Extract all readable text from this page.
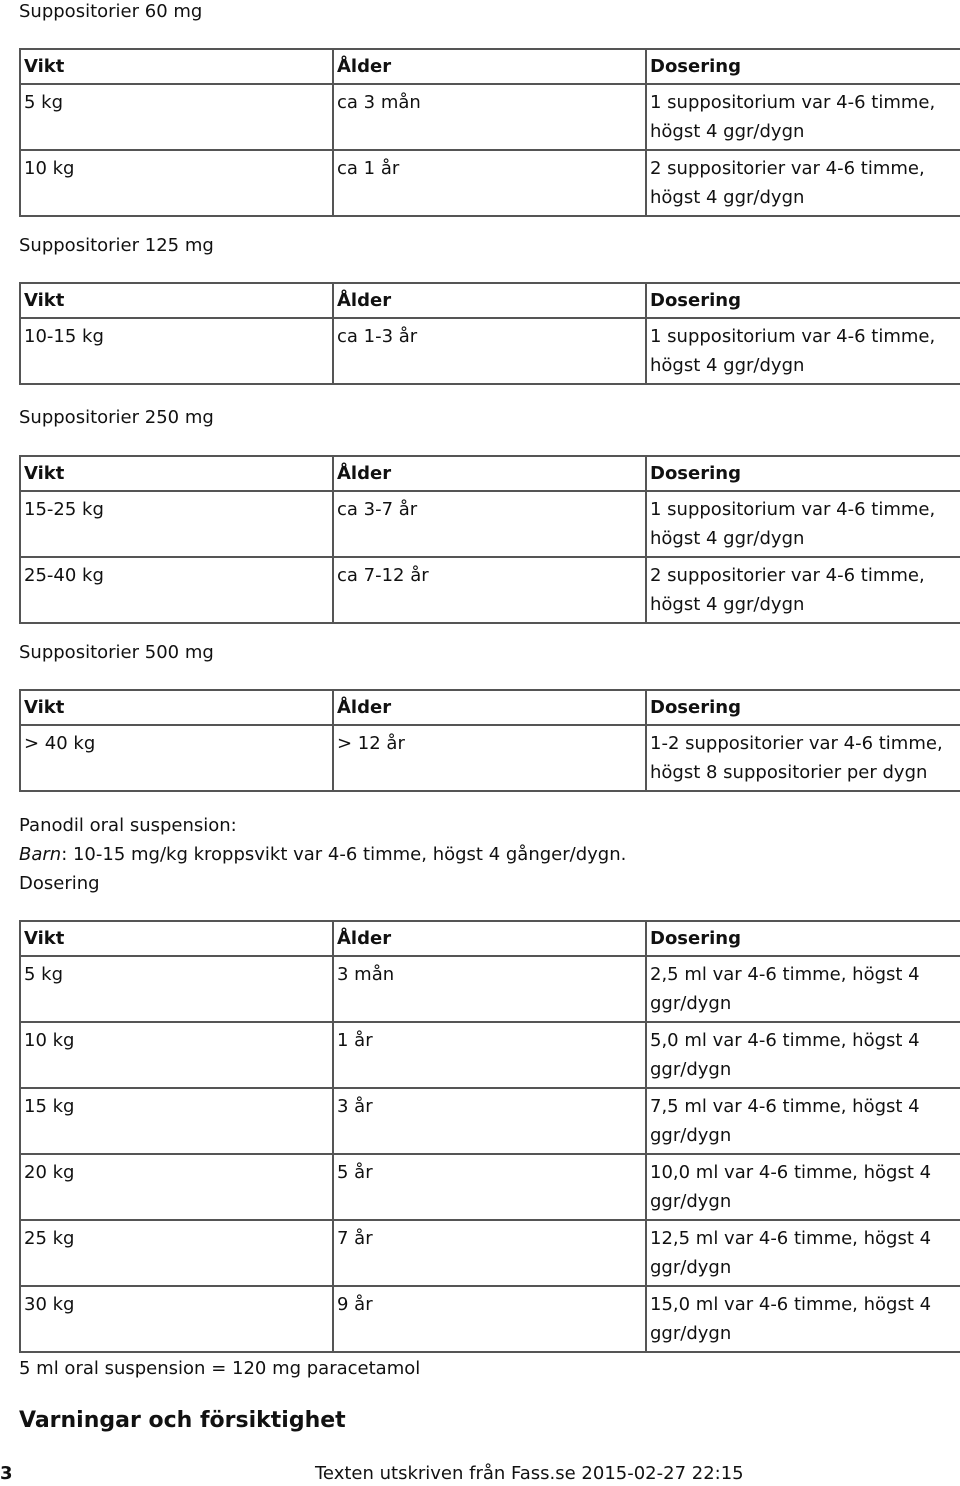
Suppositorier 60 mg
Vikt	Ålder	Dosering
5 kg	ca 3 mån	1 suppositorium var 4-6 timme, högst 4 ggr/dygn
10 kg	ca 1 år	2 suppositorier var 4-6 timme, högst 4 ggr/dygn
Suppositorier 125 mg
Vikt	Ålder	Dosering
10-15 kg	ca 1-3 år	1 suppositorium var 4-6 timme, högst 4 ggr/dygn
Suppositorier 250 mg
Vikt	Ålder	Dosering
15-25 kg	ca 3-7 år	1 suppositorium var 4-6 timme, högst 4 ggr/dygn
25-40 kg	ca 7-12 år	2 suppositorier var 4-6 timme, högst 4 ggr/dygn
Suppositorier 500 mg
Vikt	Ålder	Dosering
> 40 kg	> 12 år	1-2 suppositorier var 4-6 timme, högst 8 suppositorier per dygn
Panodil oral suspension:
Barn: 10-15 mg/kg kroppsvikt var 4-6 timme, högst 4 gånger/dygn.
Dosering
Vikt	Ålder	Dosering
5 kg	3 mån	2,5 ml var 4-6 timme, högst 4 ggr/dygn
10 kg	1 år	5,0 ml var 4-6 timme, högst 4 ggr/dygn
15 kg	3 år	7,5 ml var 4-6 timme, högst 4 ggr/dygn
20 kg	5 år	10,0 ml var 4-6 timme, högst 4 ggr/dygn
25 kg	7 år	12,5 ml var 4-6 timme, högst 4 ggr/dygn
30 kg	9 år	15,0 ml var 4-6 timme, högst 4 ggr/dygn
5 ml oral suspension = 120 mg paracetamol
Varningar och försiktighet
3	Texten utskriven från Fass.se 2015-02-27 22:15
